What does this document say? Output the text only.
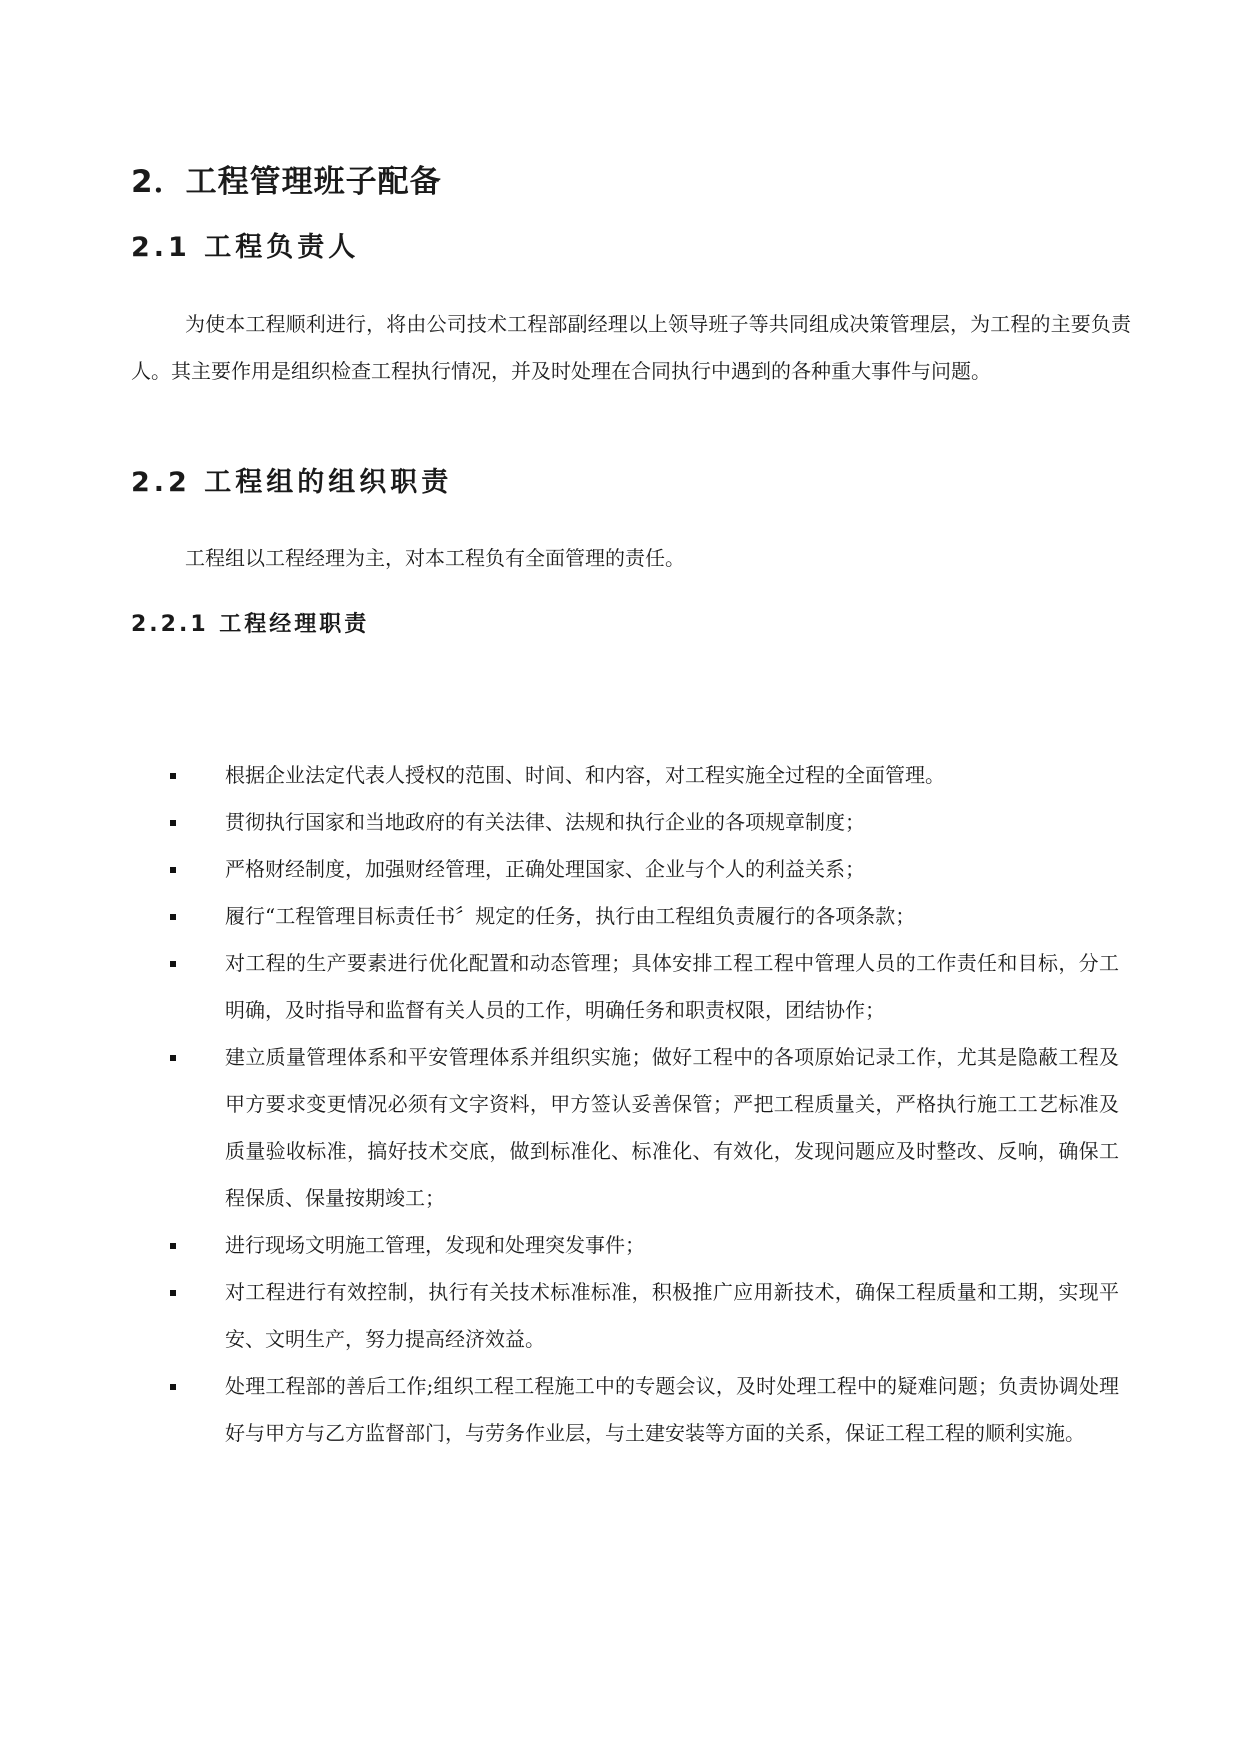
2．工程管理班子配备
2.1 工程负责人

为使本工程顺利进行，将由公司技术工程部副经理以上领导班子等共同组成决策管理层，为工程的主要负责人。其主要作用是组织检查工程执行情况，并及时处理在合同执行中遇到的各种重大事件与问题。

2.2 工程组的组织职责

工程组以工程经理为主，对本工程负有全面管理的责任。

2.2.1 工程经理职责
根据企业法定代表人授权的范围、时间、和内容，对工程实施全过程的全面管理。
贯彻执行国家和当地政府的有关法律、法规和执行企业的各项规章制度；
严格财经制度，加强财经管理，正确处理国家、企业与个人的利益关系；
履行“工程管理目标责任书〞规定的任务，执行由工程组负责履行的各项条款；
对工程的生产要素进行优化配置和动态管理；具体安排工程工程中管理人员的工作责任和目标，分工明确，及时指导和监督有关人员的工作，明确任务和职责权限，团结协作；
建立质量管理体系和平安管理体系并组织实施；做好工程中的各项原始记录工作，尤其是隐蔽工程及甲方要求变更情况必须有文字资料，甲方签认妥善保管；严把工程质量关，严格执行施工工艺标准及质量验收标准，搞好技术交底，做到标准化、标准化、有效化，发现问题应及时整改、反响，确保工程保质、保量按期竣工；
进行现场文明施工管理，发现和处理突发事件；
对工程进行有效控制，执行有关技术标准标准，积极推广应用新技术，确保工程质量和工期，实现平安、文明生产，努力提高经济效益。
处理工程部的善后工作;组织工程工程施工中的专题会议，及时处理工程中的疑难问题；负责协调处理好与甲方与乙方监督部门，与劳务作业层，与土建安装等方面的关系，保证工程工程的顺利实施。
